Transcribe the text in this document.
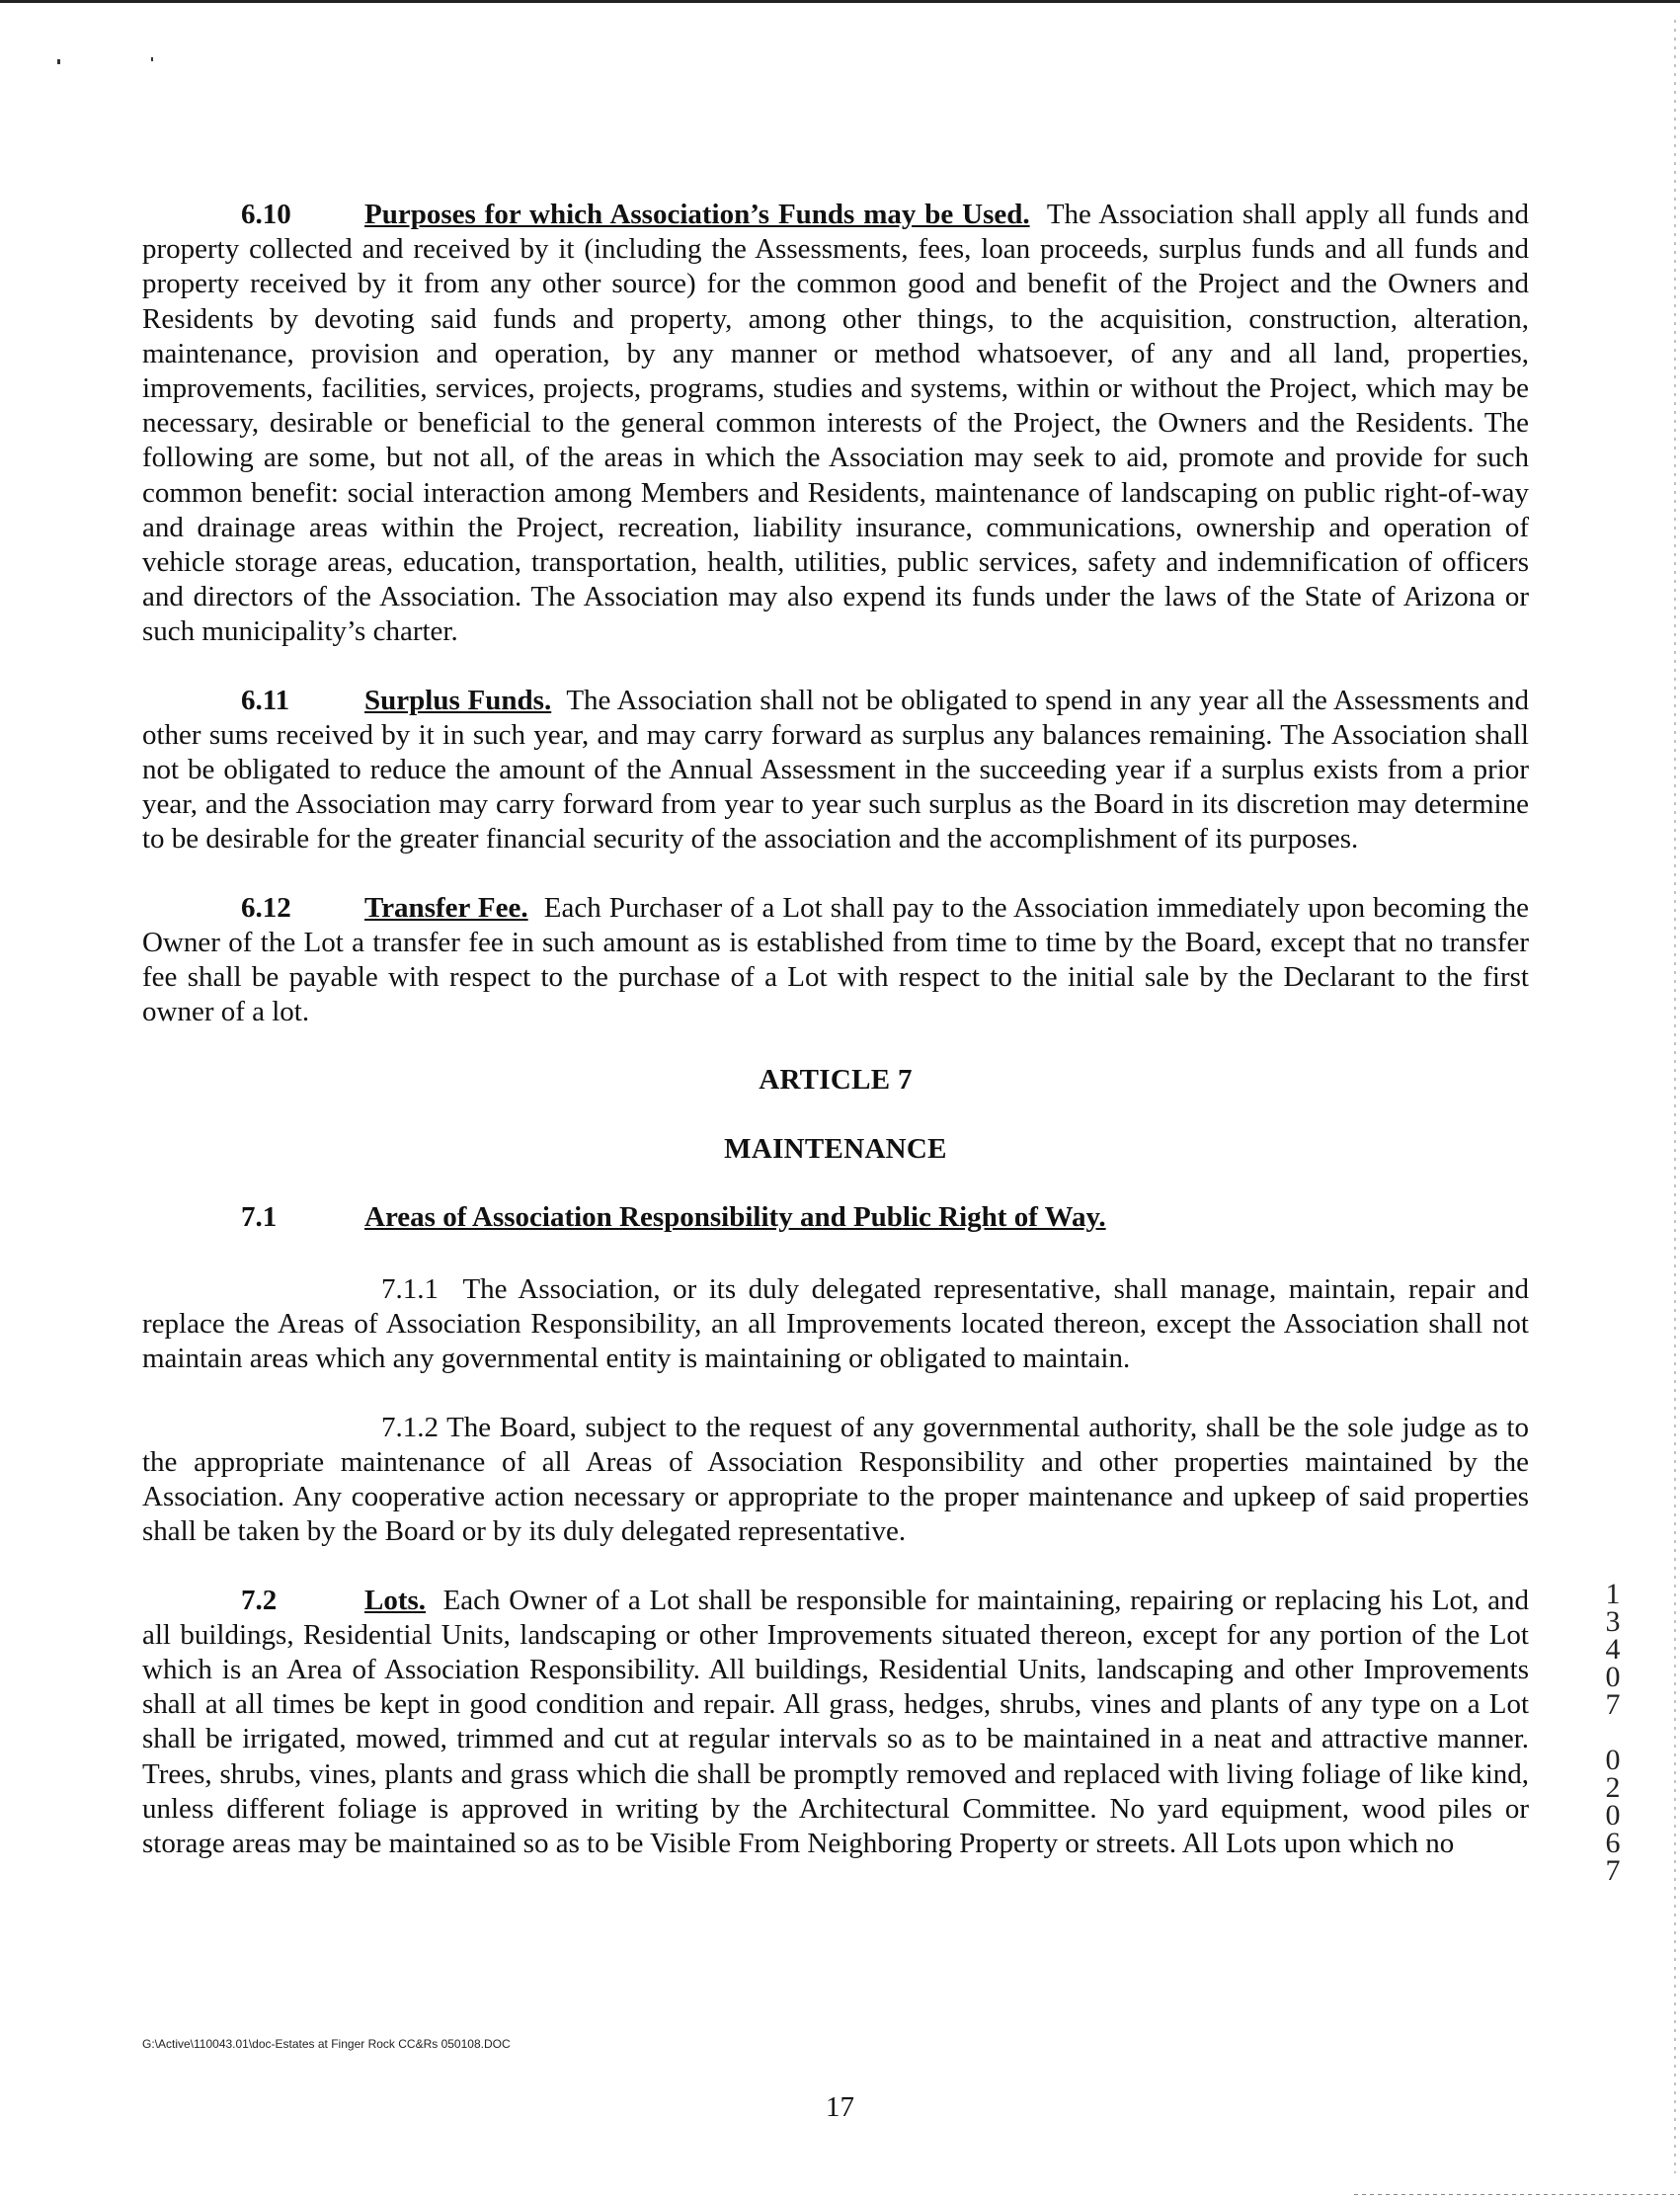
6.10	Purposes for which Association’s Funds may be Used. The Association shall apply all funds and property collected and received by it (including the Assessments, fees, loan proceeds, surplus funds and all funds and property received by it from any other source) for the common good and benefit of the Project and the Owners and Residents by devoting said funds and property, among other things, to the acquisition, construction, alteration, maintenance, provision and operation, by any manner or method whatsoever, of any and all land, properties, improvements, facilities, services, projects, programs, studies and systems, within or without the Project, which may be necessary, desirable or beneficial to the general common interests of the Project, the Owners and the Residents. The following are some, but not all, of the areas in which the Association may seek to aid, promote and provide for such common benefit: social interaction among Members and Residents, maintenance of landscaping on public right-of-way and drainage areas within the Project, recreation, liability insurance, communications, ownership and operation of vehicle storage areas, education, transportation, health, utilities, public services, safety and indemnification of officers and directors of the Association. The Association may also expend its funds under the laws of the State of Arizona or such municipality’s charter.

6.11	Surplus Funds. The Association shall not be obligated to spend in any year all the Assessments and other sums received by it in such year, and may carry forward as surplus any balances remaining. The Association shall not be obligated to reduce the amount of the Annual Assessment in the succeeding year if a surplus exists from a prior year, and the Association may carry forward from year to year such surplus as the Board in its discretion may determine to be desirable for the greater financial security of the association and the accomplishment of its purposes.

6.12	Transfer Fee. Each Purchaser of a Lot shall pay to the Association immediately upon becoming the Owner of the Lot a transfer fee in such amount as is established from time to time by the Board, except that no transfer fee shall be payable with respect to the purchase of a Lot with respect to the initial sale by the Declarant to the first owner of a lot.

ARTICLE 7
MAINTENANCE
7.1	Areas of Association Responsibility and Public Right of Way.

7.1.1 The Association, or its duly delegated representative, shall manage, maintain, repair and replace the Areas of Association Responsibility, an all Improvements located thereon, except the Association shall not maintain areas which any governmental entity is maintaining or obligated to maintain.

7.1.2 The Board, subject to the request of any governmental authority, shall be the sole judge as to the appropriate maintenance of all Areas of Association Responsibility and other properties maintained by the Association. Any cooperative action necessary or appropriate to the proper maintenance and upkeep of said properties shall be taken by the Board or by its duly delegated representative.

7.2	Lots. Each Owner of a Lot shall be responsible for maintaining, repairing or replacing his Lot, and all buildings, Residential Units, landscaping or other Improvements situated thereon, except for any portion of the Lot which is an Area of Association Responsibility. All buildings, Residential Units, landscaping and other Improvements shall at all times be kept in good condition and repair. All grass, hedges, shrubs, vines and plants of any type on a Lot shall be irrigated, mowed, trimmed and cut at regular intervals so as to be maintained in a neat and attractive manner. Trees, shrubs, vines, plants and grass which die shall be promptly removed and replaced with living foliage of like kind, unless different foliage is approved in writing by the Architectural Committee. No yard equipment, wood piles or storage areas may be maintained so as to be Visible From Neighboring Property or streets. All Lots upon which no

1
3
4
0
7
0
2
0
6
7
G:\Active\110043.01\doc-Estates at Finger Rock CC&Rs 050108.DOC
17
